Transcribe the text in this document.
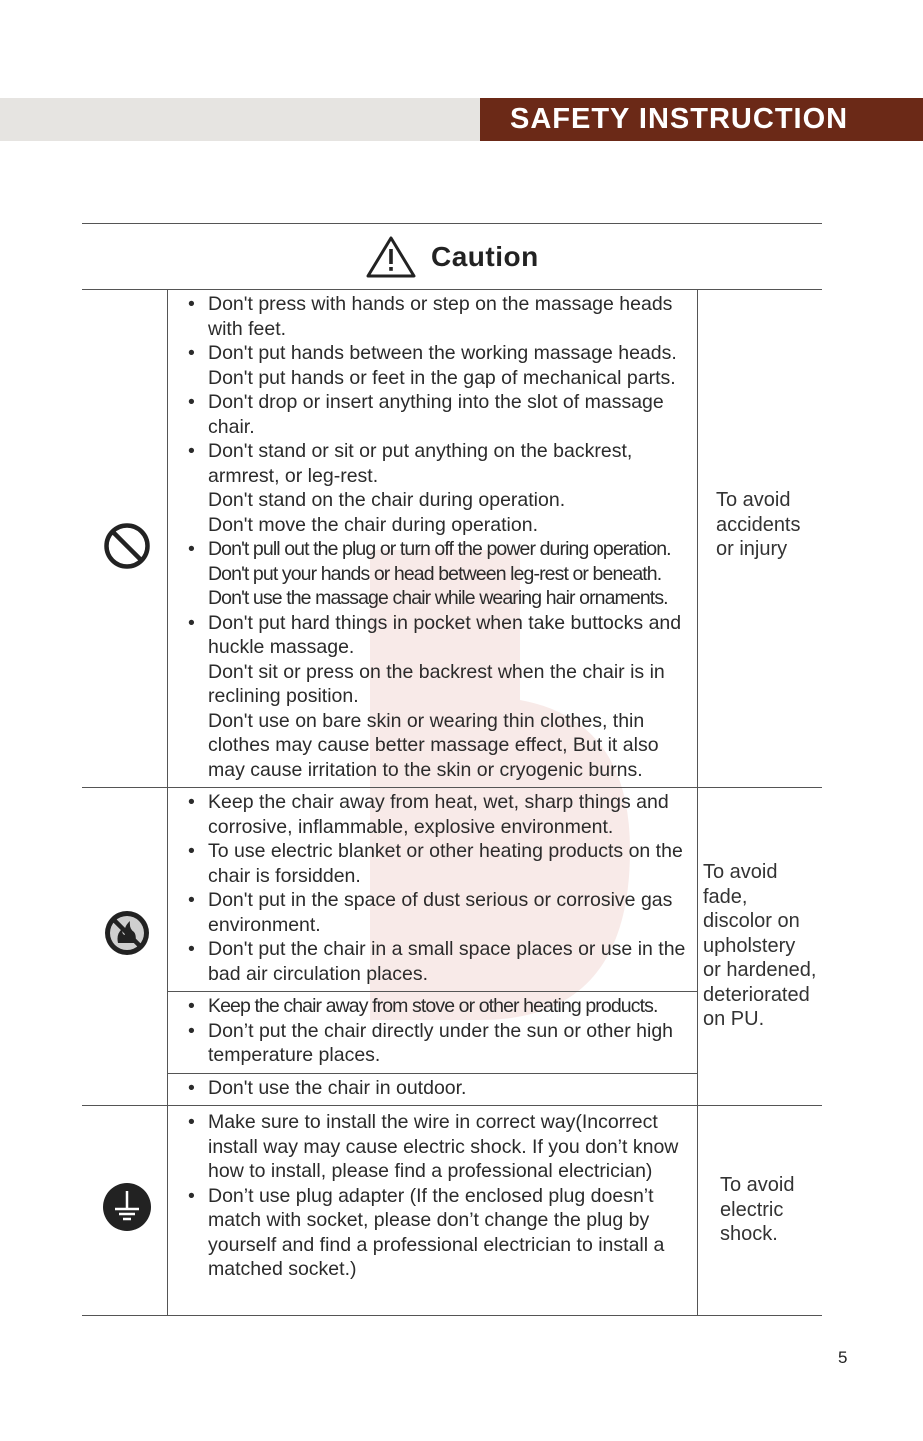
SAFETY INSTRUCTION
Caution
• Don't press with hands or step on the massage heads with feet.
• Don't put hands between the working massage heads.
Don't put hands or feet in the gap of mechanical parts.
• Don't drop or insert anything into the slot of massage chair.
• Don't stand or sit or put anything on the backrest, armrest, or leg-rest.
Don't stand on the chair during operation.
Don't move the chair during operation.
• Don't pull out the plug or turn off the power during operation.
Don't put your hands or head between leg-rest or beneath.
Don't use the massage chair while wearing hair ornaments.
• Don't put hard things in pocket when take buttocks and huckle massage.
Don't sit or press on the backrest when the chair is in reclining position.
Don't use on bare skin or wearing thin clothes, thin clothes may cause better massage effect, But it also may cause irritation to the skin or cryogenic burns.
To avoid
accidents
or injury
• Keep the chair away from heat, wet, sharp things and corrosive, inflammable, explosive environment.
• To use electric blanket or other heating products on the chair is forsidden.
• Don't put in the space of dust serious or corrosive gas environment.
• Don't put the chair in a small space places or use in the bad air circulation places.
• Keep the chair away from stove or other heating products.
• Don’t put the chair directly under the sun or other high temperature places.
• Don't use the chair in outdoor.
To avoid
fade,
discolor on
upholstery
or hardened,
deteriorated
on PU.
• Make sure to install the wire in correct way(Incorrect install way may cause electric shock. If you don’t know how to install, please find a professional electrician)
• Don’t use plug adapter (If the enclosed plug doesn’t match with socket, please don’t change the plug by yourself and find a professional electrician to install a matched socket.)
To avoid
electric
shock.
5
